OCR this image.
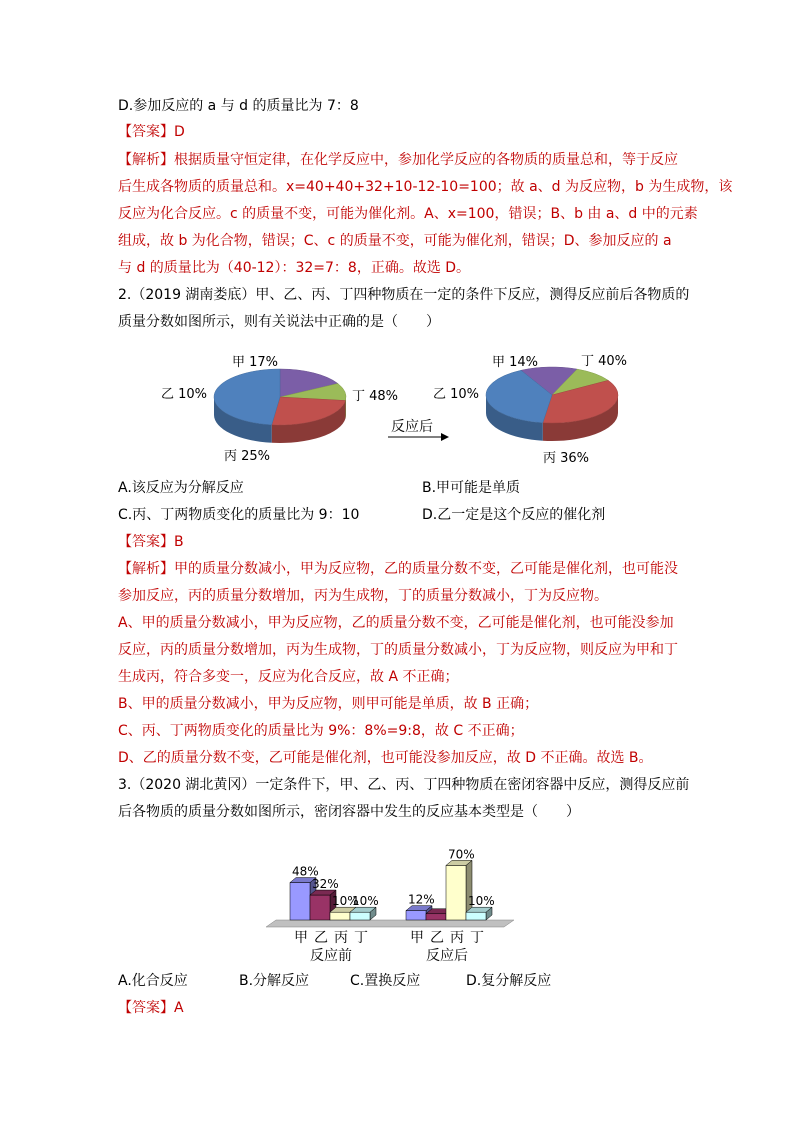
D.参加反应的 a 与 d 的质量比为 7：8
【答案】D
【解析】根据质量守恒定律，在化学反应中，参加化学反应的各物质的质量总和，等于反应
后生成各物质的质量总和。x=40+40+32+10-12-10=100；故 a、d 为反应物，b 为生成物，该
反应为化合反应。c 的质量不变，可能为催化剂。A、x=100，错误；B、b 由 a、d 中的元素
组成，故 b 为化合物，错误；C、c 的质量不变，可能为催化剂，错误；D、参加反应的 a
与 d 的质量比为（40-12）：32=7：8，正确。故选 D。
2.（2019 湖南娄底）甲、乙、丙、丁四种物质在一定的条件下反应，测得反应前后各物质的
质量分数如图所示，则有关说法中正确的是（　　）
甲 17%
乙 10%
丙 25%
丁 48%
甲 14%
乙 10%
丙 36%
丁 40%
反应后
A.该反应为分解反应	B.甲可能是单质
C.丙、丁两物质变化的质量比为 9：10	D.乙一定是这个反应的催化剂
【答案】B
【解析】甲的质量分数减小，甲为反应物，乙的质量分数不变，乙可能是催化剂，也可能没
参加反应，丙的质量分数增加，丙为生成物，丁的质量分数减小，丁为反应物。
A、甲的质量分数减小，甲为反应物，乙的质量分数不变，乙可能是催化剂，也可能没参加
反应，丙的质量分数增加，丙为生成物，丁的质量分数减小，丁为反应物，则反应为甲和丁
生成丙，符合多变一，反应为化合反应，故 A 不正确；
B、甲的质量分数减小，甲为反应物，则甲可能是单质，故 B 正确；
C、丙、丁两物质变化的质量比为 9%：8%=9:8，故 C 不正确；
D、乙的质量分数不变，乙可能是催化剂，也可能没参加反应，故 D 不正确。故选 B。
3.（2020 湖北黄冈）一定条件下，甲、乙、丙、丁四种物质在密闭容器中反应，测得反应前
后各物质的质量分数如图所示，密闭容器中发生的反应基本类型是（　　）
48%
甲
32%
乙
10%
丙
10%
丁
反应前
12%
甲 乙
70%
丙
10%
丁
反应后
A.化合反应	B.分解反应	C.置换反应	D.复分解反应
【答案】A
